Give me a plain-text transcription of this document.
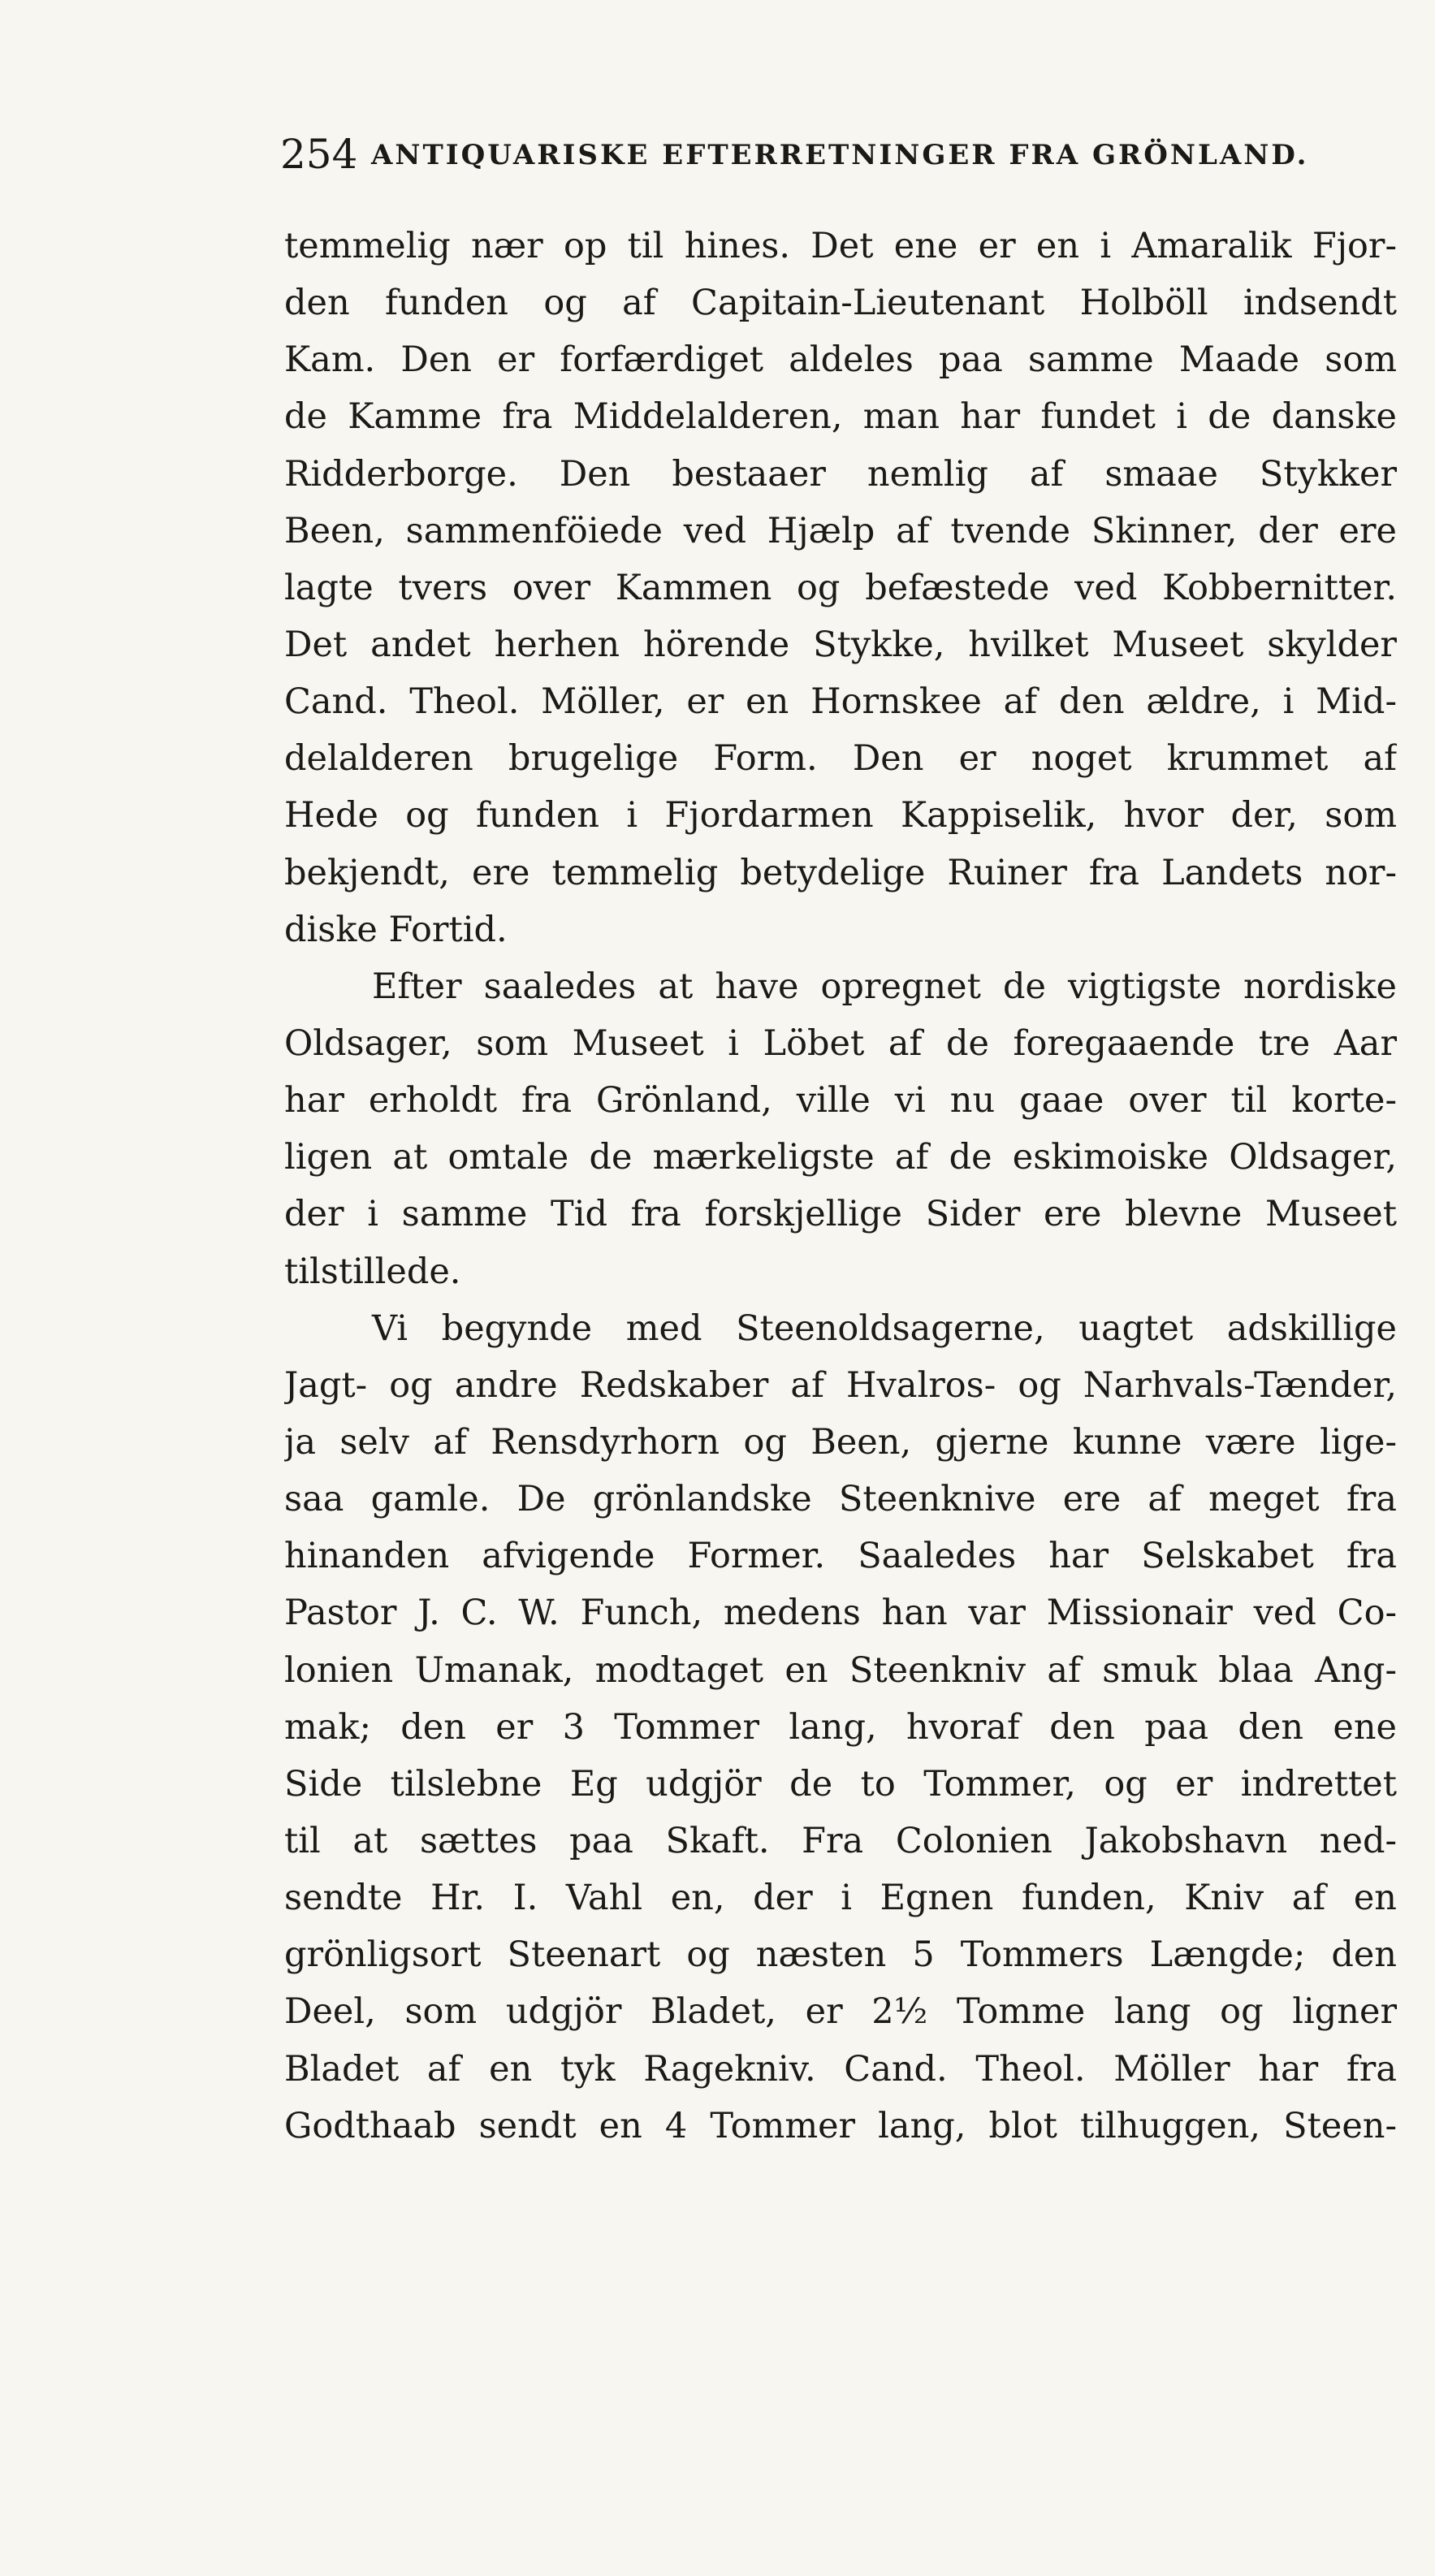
254 ANTIQUARISKE EFTERRETNINGER FRA GRÖNLAND.
temmelig nær op til hines. Det ene er en i Amaralik Fjor-
den funden og af Capitain-Lieutenant Holböll indsendt
Kam. Den er forfærdiget aldeles paa samme Maade som
de Kamme fra Middelalderen, man har fundet i de danske
Ridderborge. Den bestaaer nemlig af smaae Stykker
Been, sammenföiede ved Hjælp af tvende Skinner, der ere
lagte tvers over Kammen og befæstede ved Kobbernitter.
Det andet herhen hörende Stykke, hvilket Museet skylder
Cand. Theol. Möller, er en Hornskee af den ældre, i Mid-
delalderen brugelige Form. Den er noget krummet af
Hede og funden i Fjordarmen Kappiselik, hvor der, som
bekjendt, ere temmelig betydelige Ruiner fra Landets nor-
diske Fortid.
Efter saaledes at have opregnet de vigtigste nordiske
Oldsager, som Museet i Löbet af de foregaaende tre Aar
har erholdt fra Grönland, ville vi nu gaae over til korte-
ligen at omtale de mærkeligste af de eskimoiske Oldsager,
der i samme Tid fra forskjellige Sider ere blevne Museet
tilstillede.
Vi begynde med Steenoldsagerne, uagtet adskillige
Jagt- og andre Redskaber af Hvalros- og Narhvals-Tænder,
ja selv af Rensdyrhorn og Been, gjerne kunne være lige-
saa gamle. De grönlandske Steenknive ere af meget fra
hinanden afvigende Former. Saaledes har Selskabet fra
Pastor J. C. W. Funch, medens han var Missionair ved Co-
lonien Umanak, modtaget en Steenkniv af smuk blaa Ang-
mak; den er 3 Tommer lang, hvoraf den paa den ene
Side tilslebne Eg udgjör de to Tommer, og er indrettet
til at sættes paa Skaft. Fra Colonien Jakobshavn ned-
sendte Hr. I. Vahl en, der i Egnen funden, Kniv af en
grönligsort Steenart og næsten 5 Tommers Længde; den
Deel, som udgjör Bladet, er 2½ Tomme lang og ligner
Bladet af en tyk Ragekniv. Cand. Theol. Möller har fra
Godthaab sendt en 4 Tommer lang, blot tilhuggen, Steen-
